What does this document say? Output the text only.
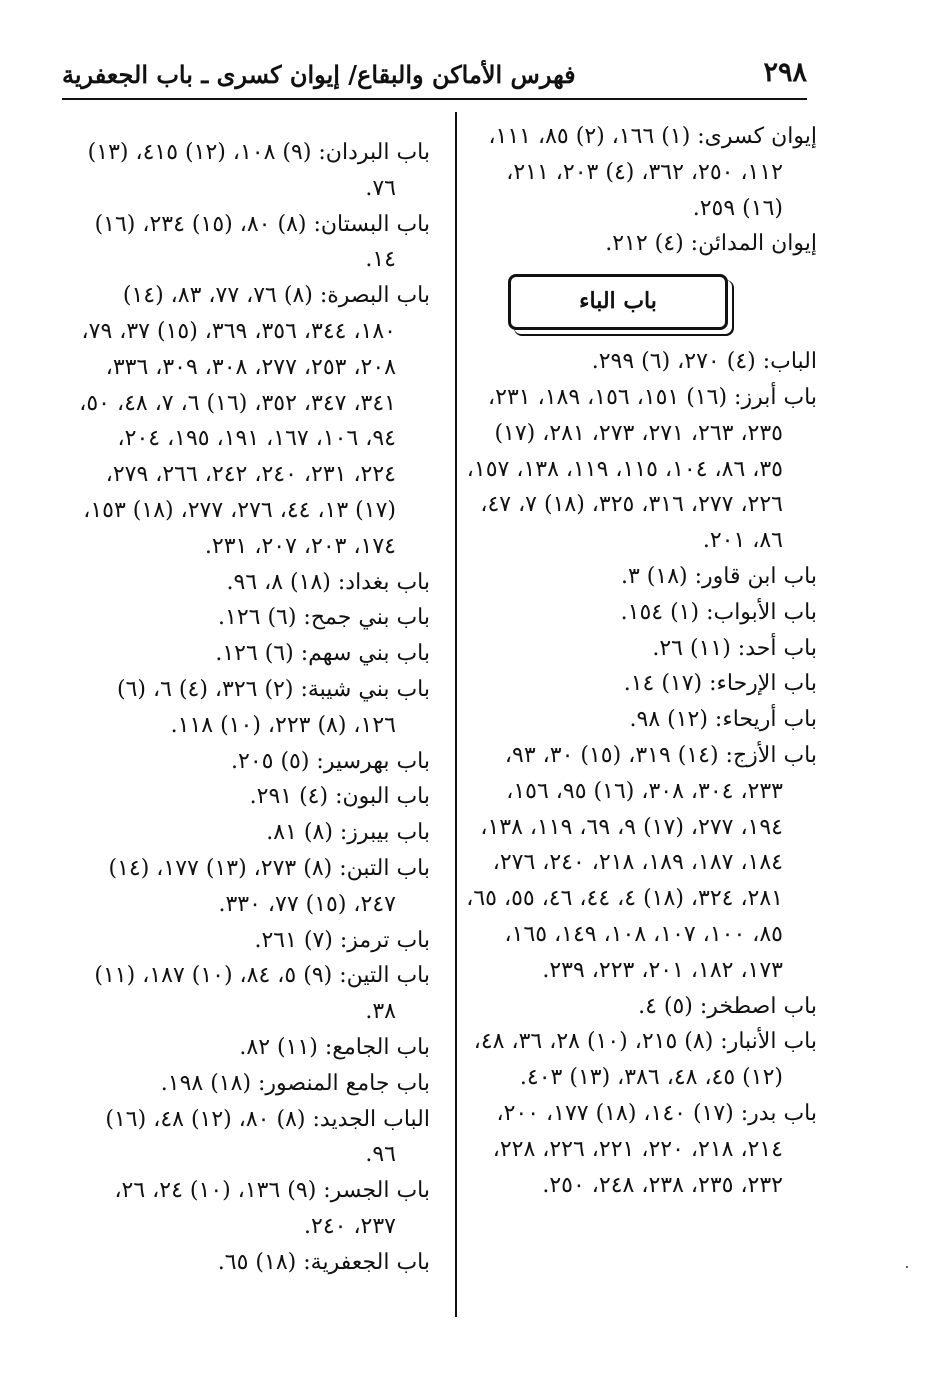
٢٩٨
فهرس الأماكن والبقاع/ إيوان كسرى ـ باب الجعفرية

إيوان كسرى: (١) ١٦٦، (٢) ٨٥، ١١١، ١١٢، ٢٥٠، ٣٦٢، (٤) ٢٠٣، ٢١١، (١٦) ٢٥٩.

إيوان المدائن: (٤) ٢١٢.

باب الباء

الباب: (٤) ٢٧٠، (٦) ٢٩٩.

باب أبرز: (١٦) ١٥١، ١٥٦، ١٨٩، ٢٣١، ٢٣٥، ٢٦٣، ٢٧١، ٢٧٣، ٢٨١، (١٧) ٣٥، ٨٦، ١٠٤، ١١٥، ١١٩، ١٣٨، ١٥٧، ٢٢٦، ٢٧٧، ٣١٦، ٣٢٥، (١٨) ٧، ٤٧، ٨٦، ٢٠١.

باب ابن قاور: (١٨) ٣.

باب الأبواب: (١) ١٥٤.

باب أحد: (١١) ٢٦.

باب الإرحاء: (١٧) ١٤.

باب أريحاء: (١٢) ٩٨.

باب الأزج: (١٤) ٣١٩، (١٥) ٣٠، ٩٣، ٢٣٣، ٣٠٤، ٣٠٨، (١٦) ٩٥، ١٥٦، ١٩٤، ٢٧٧، (١٧) ٩، ٦٩، ١١٩، ١٣٨، ١٨٤، ١٨٧، ١٨٩، ٢١٨، ٢٤٠، ٢٧٦، ٢٨١، ٣٢٤، (١٨) ٤، ٤٤، ٤٦، ٥٥، ٦٥، ٨٥، ١٠٠، ١٠٧، ١٠٨، ١٤٩، ١٦٥، ١٧٣، ١٨٢، ٢٠١، ٢٢٣، ٢٣٩.

باب اصطخر: (٥) ٤.

باب الأنبار: (٨) ٢١٥، (١٠) ٢٨، ٣٦، ٤٨، (١٢) ٤٥، ٤٨، ٣٨٦، (١٣) ٤٠٣.

باب بدر: (١٧) ١٤٠، (١٨) ١٧٧، ٢٠٠، ٢١٤، ٢١٨، ٢٢٠، ٢٢١، ٢٢٦، ٢٢٨، ٢٣٢، ٢٣٥، ٢٣٨، ٢٤٨، ٢٥٠.

باب البردان: (٩) ١٠٨، (١٢) ٤١٥، (١٣) ٧٦.

باب البستان: (٨) ٨٠، (١٥) ٢٣٤، (١٦) ١٤.

باب البصرة: (٨) ٧٦، ٧٧، ٨٣، (١٤) ١٨٠، ٣٤٤، ٣٥٦، ٣٦٩، (١٥) ٣٧، ٧٩، ٢٠٨، ٢٥٣، ٢٧٧، ٣٠٨، ٣٠٩، ٣٣٦، ٣٤١، ٣٤٧، ٣٥٢، (١٦) ٦، ٧، ٤٨، ٥٠، ٩٤، ١٠٦، ١٦٧، ١٩١، ١٩٥، ٢٠٤، ٢٢٤، ٢٣١، ٢٤٠، ٢٤٢، ٢٦٦، ٢٧٩، (١٧) ١٣، ٤٤، ٢٧٦، ٢٧٧، (١٨) ١٥٣، ١٧٤، ٢٠٣، ٢٠٧، ٢٣١.

باب بغداد: (١٨) ٨، ٩٦.

باب بني جمح: (٦) ١٢٦.

باب بني سهم: (٦) ١٢٦.

باب بني شيبة: (٢) ٣٢٦، (٤) ٦، (٦) ١٢٦، (٨) ٢٢٣، (١٠) ١١٨.

باب بهرسير: (٥) ٢٠٥.

باب البون: (٤) ٢٩١.

باب بيبرز: (٨) ٨١.

باب التبن: (٨) ٢٧٣، (١٣) ١٧٧، (١٤) ٢٤٧، (١٥) ٧٧، ٣٣٠.

باب ترمز: (٧) ٢٦١.

باب التين: (٩) ٥، ٨٤، (١٠) ١٨٧، (١١) ٣٨.

باب الجامع: (١١) ٨٢.

باب جامع المنصور: (١٨) ١٩٨.

الباب الجديد: (٨) ٨٠، (١٢) ٤٨، (١٦) ٩٦.

باب الجسر: (٩) ١٣٦، (١٠) ٢٤، ٢٦، ٢٣٧، ٢٤٠.

باب الجعفرية: (١٨) ٦٥.
